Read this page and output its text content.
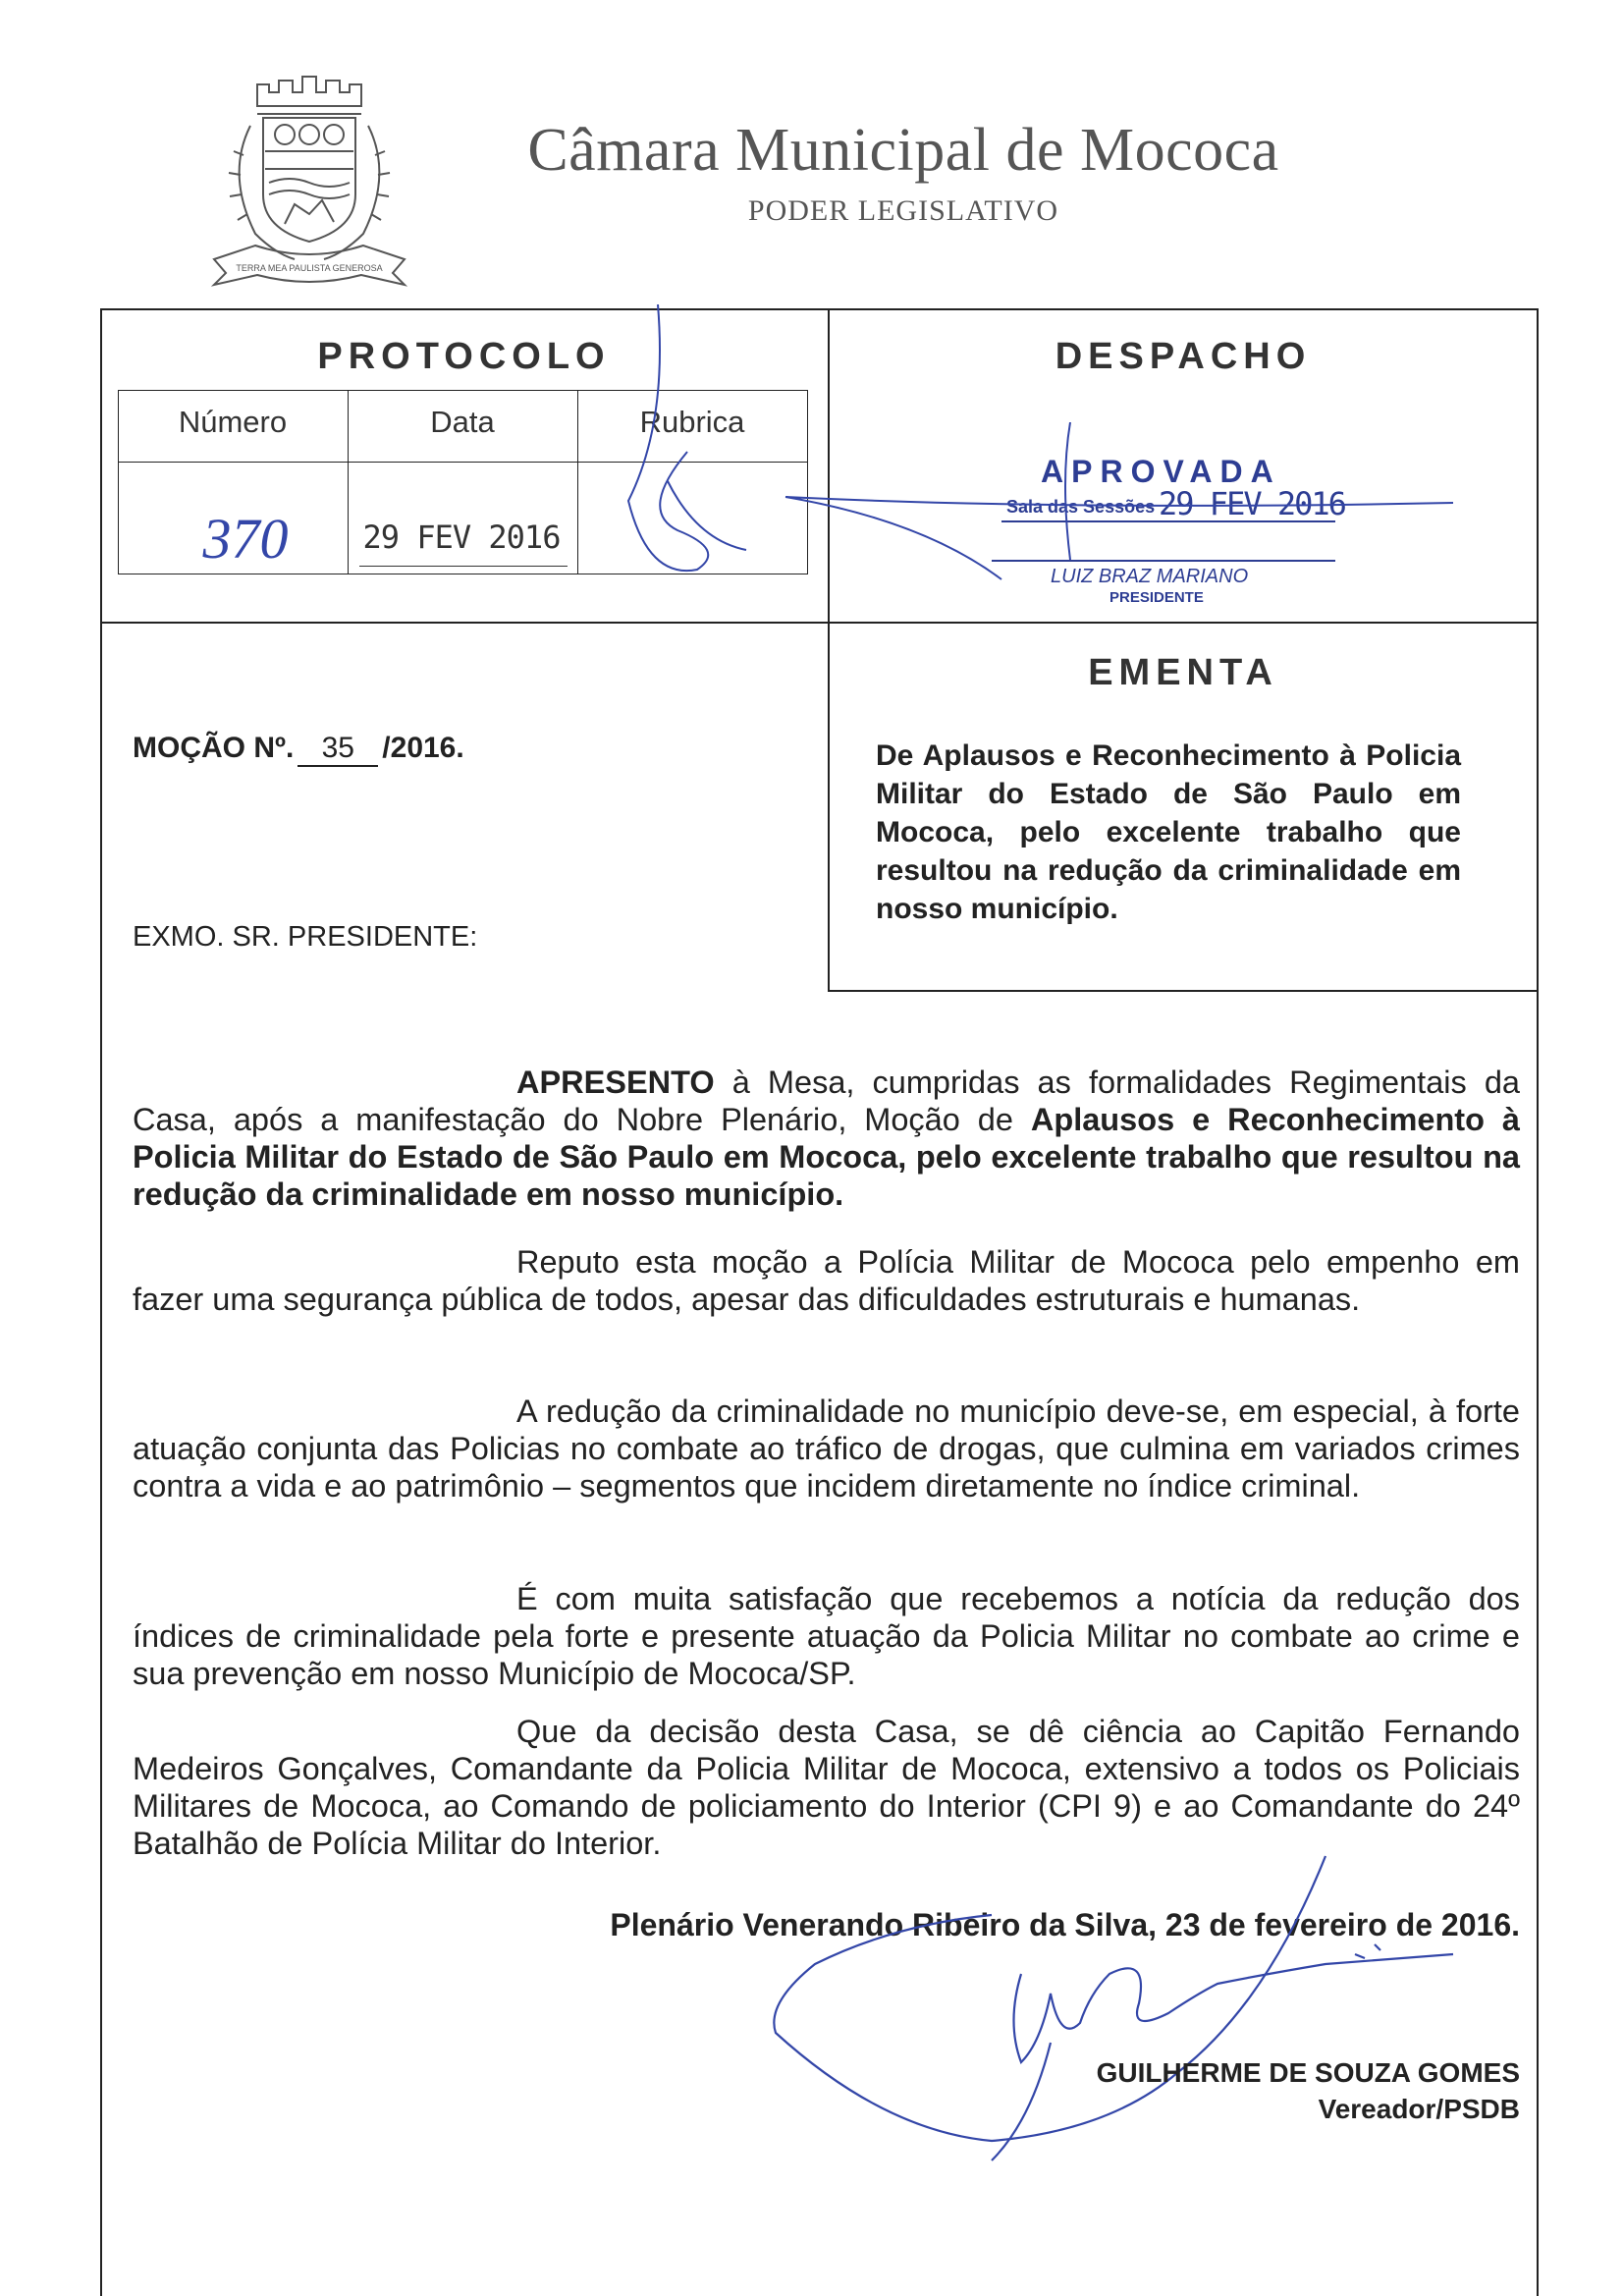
TERRA MEA PAULISTA GENEROSA
Câmara Municipal de Mococa
PODER LEGISLATIVO
PROTOCOLO
Número	Data	Rubrica
370	29 FEV 2016
DESPACHO
APROVADA
Sala das Sessões 29 FEV 2016
LUIZ BRAZ MARIANO
PRESIDENTE
MOÇÃO Nº. 35 /2016.
EXMO. SR. PRESIDENTE:
EMENTA
De Aplausos e Reconhecimento à Policia Militar do Estado de São Paulo em Mococa, pelo excelente trabalho que resultou na redução da criminalidade em nosso município.
APRESENTO à Mesa, cumpridas as formalidades Regimentais da Casa, após a manifestação do Nobre Plenário, Moção de Aplausos e Reconhecimento à Policia Militar do Estado de São Paulo em Mococa, pelo excelente trabalho que resultou na redução da criminalidade em nosso município.
Reputo esta moção a Polícia Militar de Mococa pelo empenho em fazer uma segurança pública de todos, apesar das dificuldades estruturais e humanas.
A redução da criminalidade no município deve-se, em especial, à forte atuação conjunta das Policias no combate ao tráfico de drogas, que culmina em variados crimes contra a vida e ao patrimônio – segmentos que incidem diretamente no índice criminal.
É com muita satisfação que recebemos a notícia da redução dos índices de criminalidade pela forte e presente atuação da Policia Militar no combate ao crime e sua prevenção em nosso Município de Mococa/SP.
Que da decisão desta Casa, se dê ciência ao Capitão Fernando Medeiros Gonçalves, Comandante da Policia Militar de Mococa, extensivo a todos os Policiais Militares de Mococa, ao Comando de policiamento do Interior (CPI 9) e ao Comandante do 24º Batalhão de Polícia Militar do Interior.
Plenário Venerando Ribeiro da Silva, 23 de fevereiro de 2016.
GUILHERME DE SOUZA GOMES
Vereador/PSDB
